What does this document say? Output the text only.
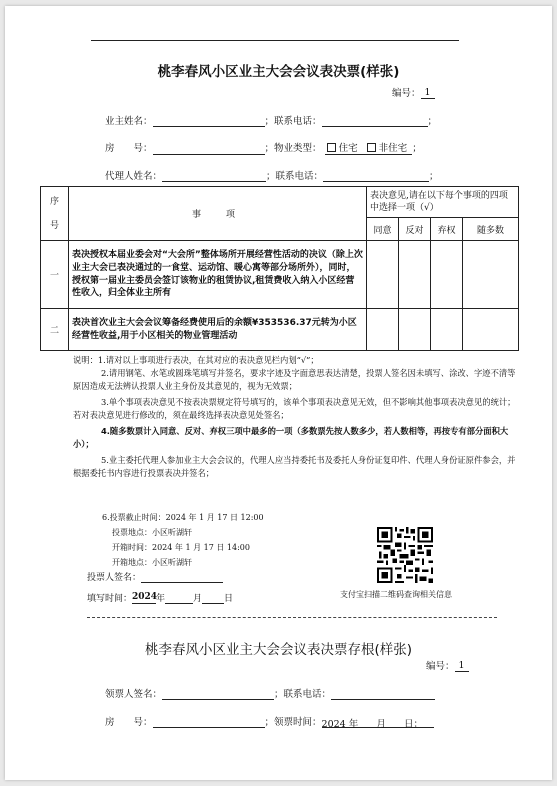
桃李春风小区业主大会会议表决票(样张)
编号： 1
业主姓名：	；联系电话：	；
房　　号：	；物业类型： 住宅 非住宅 ；
代理人姓名：	；联系电话：	；
序
号	事　项	表决意见,请在以下每个事项的四项中选择一项（√）			
		同意	反对	弃权	随多数
一	表决授权本届业委会对“大会所”整体场所开展经营性活动的决议（除上次业主大会已表决通过的一食堂、运动馆、暖心寓等部分场所外），同时，授权第一届业主委员会签订该物业的租赁协议,租赁费收入纳入小区经营性收入，归全体业主所有				
二	表决首次业主大会会议筹备经费使用后的余额¥353536.37元转为小区经营性收益,用于小区相关的物业管理活动				

说明：1.请对以上事项进行表决，在其对应的表决意见栏内划“√”；

2.请用钢笔、水笔或圆珠笔填写并签名，要求字迹及字面意思表达清楚，投票人签名因未填写、涂改、字迹不清等原因造成无法辨认投票人业主身份及其意见的，视为无效票；

3.单个事项表决意见不按表决票规定符号填写的，该单个事项表决意见无效，但不影响其他事项表决意见的统计；若对表决意见进行修改的，须在最终选择表决意见处签名；

4.随多数票计入同意、反对、弃权三项中最多的一项（多数票先按人数多少，若人数相等，再按专有部分面积大小）；

5.业主委托代理人参加业主大会会议的，代理人应当持委托书及委托人身份证复印件、代理人身份证原件参会，并根据委托书内容进行投票表决并签名；

6.投票截止时间：2024 年 1 月 17 日 12:00
投票地点：小区听湖轩
开箱时间：2024 年 1 月 17 日 14:00
开箱地点：小区听湖轩
投票人签名：
填写时间：2024年	月 日	支付宝扫描二维码查询相关信息
桃李春风小区业主大会会议表决票存根(样张)
编号： 1
领票人签名：	；联系电话：
房　　号：	；领票时间：2024 年 月 日：
